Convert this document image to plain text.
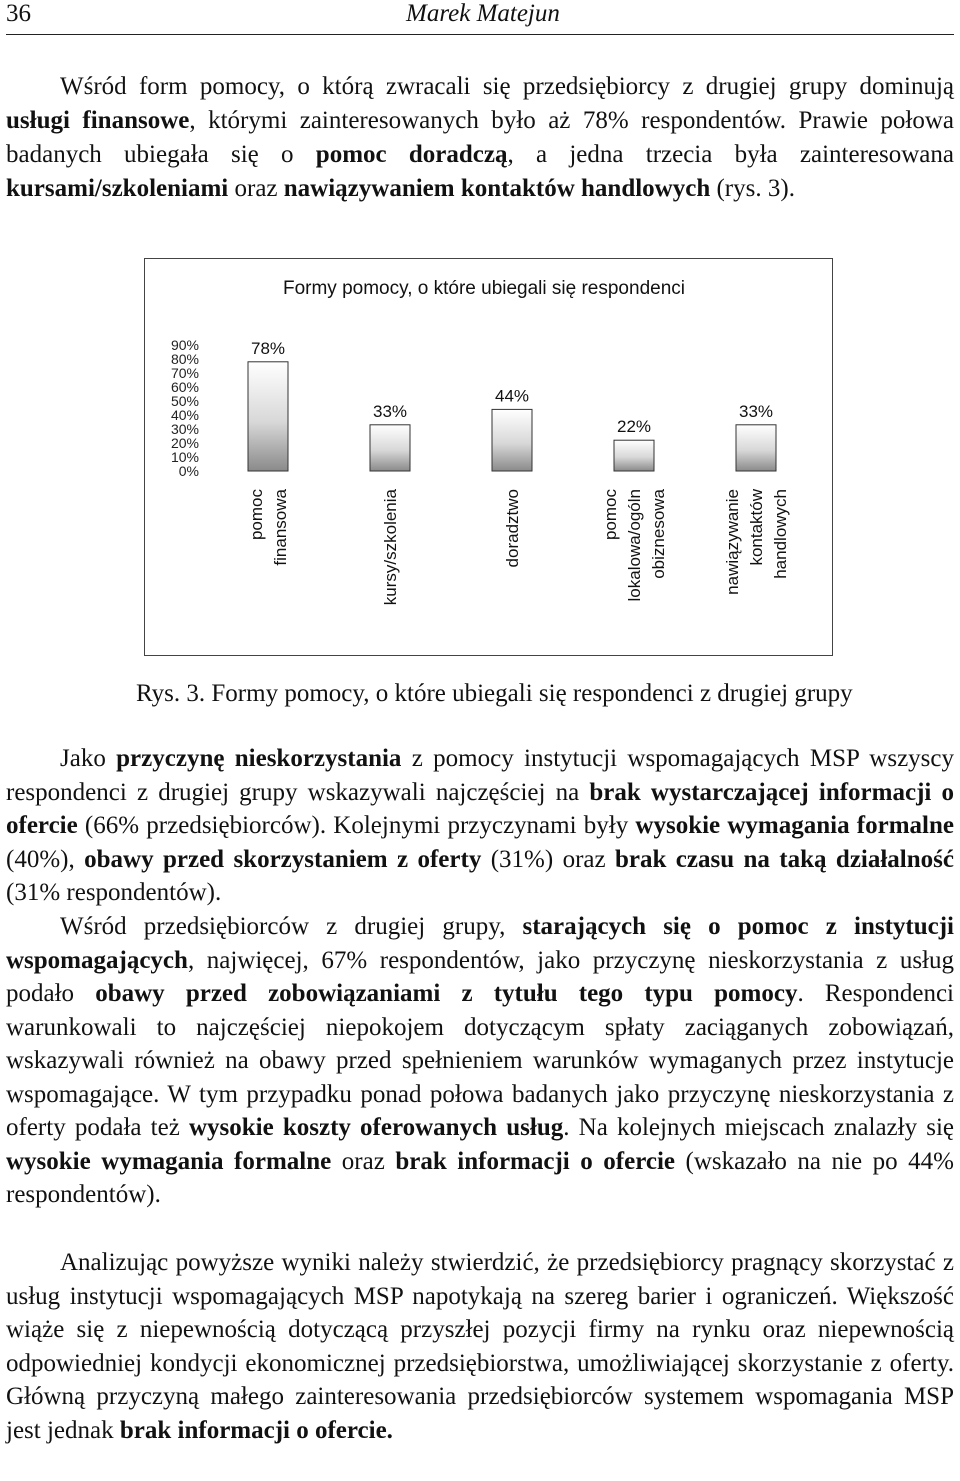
36	Marek Matejun

Wśród form pomocy, o którą zwracali się przedsiębiorcy z drugiej grupy dominują usługi finansowe, którymi zainteresowanych było aż 78% respondentów. Prawie połowa badanych ubiegała się o pomoc doradczą, a jedna trzecia była zainteresowana kursami/szkoleniami oraz nawiązywaniem kontaktów handlowych (rys. 3).

Formy pomocy, o które ubiegali się respondenci
90%
80%
70%
60%
50%
40%
30%
20%
10%
0%
78%
pomoc finansowa
33%
kursy/szkolenia
44%
doradztwo
22%
pomoc lokalowa/ogóln obiznesowa
33%
nawiązywanie kontaktów handlowych
Rys. 3. Formy pomocy, o które ubiegali się respondenci z drugiej grupy

Jako przyczynę nieskorzystania z pomocy instytucji wspomagających MSP wszyscy respondenci z drugiej grupy wskazywali najczęściej na brak wystarczającej informacji o ofercie (66% przedsiębiorców). Kolejnymi przyczynami były wysokie wymagania formalne (40%), obawy przed skorzystaniem z oferty (31%) oraz brak czasu na taką działalność (31% respondentów).

Wśród przedsiębiorców z drugiej grupy, starających się o pomoc z instytucji wspomagających, najwięcej, 67% respondentów, jako przyczynę nieskorzystania z usług podało obawy przed zobowiązaniami z tytułu tego typu pomocy. Respondenci warunkowali to najczęściej niepokojem dotyczącym spłaty zaciąganych zobowiązań, wskazywali również na obawy przed spełnieniem warunków wymaganych przez instytucje wspomagające. W tym przypadku ponad połowa badanych jako przyczynę nieskorzystania z oferty podała też wysokie koszty oferowanych usług. Na kolejnych miejscach znalazły się wysokie wymagania formalne oraz brak informacji o ofercie (wskazało na nie po 44% respondentów).

Analizując powyższe wyniki należy stwierdzić, że przedsiębiorcy pragnący skorzystać z usług instytucji wspomagających MSP napotykają na szereg barier i ograniczeń. Większość wiąże się z niepewnością dotyczącą przyszłej pozycji firmy na rynku oraz niepewnością odpowiedniej kondycji ekonomicznej przedsiębiorstwa, umożliwiającej skorzystanie z oferty. Główną przyczyną małego zainteresowania przedsiębiorców systemem wspomagania MSP jest jednak brak informacji o ofercie.
